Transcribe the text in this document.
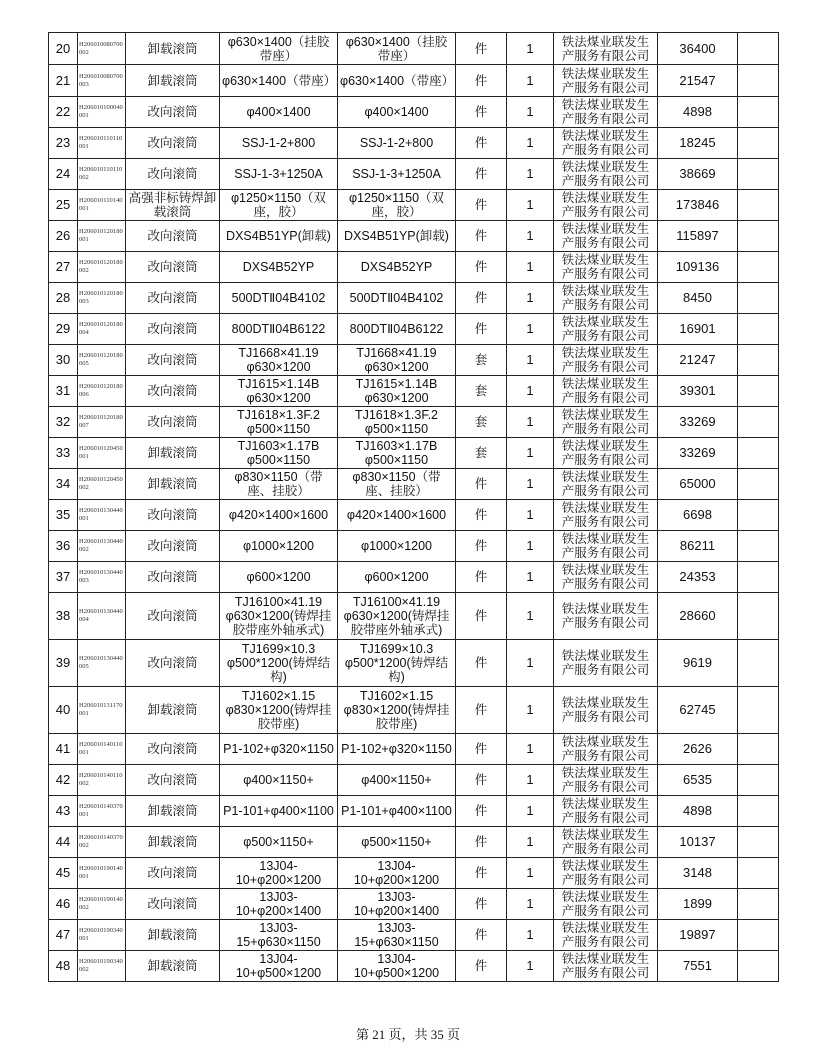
20	H206010080700002	卸载滚筒	φ630×1400（挂胶带座）	φ630×1400（挂胶带座）	件	1	铁法煤业联发生产服务有限公司	36400	
21	H206010080700003	卸载滚筒	φ630×1400（带座）	φ630×1400（带座）	件	1	铁法煤业联发生产服务有限公司	21547	
22	H206010100040001	改向滚筒	φ400×1400	φ400×1400	件	1	铁法煤业联发生产服务有限公司	4898	
23	H206010110110001	改向滚筒	SSJ-1-2+800	SSJ-1-2+800	件	1	铁法煤业联发生产服务有限公司	18245	
24	H206010110110002	改向滚筒	SSJ-1-3+1250A	SSJ-1-3+1250A	件	1	铁法煤业联发生产服务有限公司	38669	
25	H206010110140001	高强非标铸焊卸载滚筒	φ1250×1150（双座，胶）	φ1250×1150（双座，胶）	件	1	铁法煤业联发生产服务有限公司	173846	
26	H206010120180001	改向滚筒	DXS4B51YP(卸载)	DXS4B51YP(卸载)	件	1	铁法煤业联发生产服务有限公司	115897	
27	H206010120180002	改向滚筒	DXS4B52YP	DXS4B52YP	件	1	铁法煤业联发生产服务有限公司	109136	
28	H206010120180003	改向滚筒	500DTⅡ04B4102	500DTⅡ04B4102	件	1	铁法煤业联发生产服务有限公司	8450	
29	H206010120180004	改向滚筒	800DTⅡ04B6122	800DTⅡ04B6122	件	1	铁法煤业联发生产服务有限公司	16901	
30	H206010120180005	改向滚筒	TJ1668×41.19 φ630×1200	TJ1668×41.19 φ630×1200	套	1	铁法煤业联发生产服务有限公司	21247	
31	H206010120180006	改向滚筒	TJ1615×1.14B φ630×1200	TJ1615×1.14B φ630×1200	套	1	铁法煤业联发生产服务有限公司	39301	
32	H206010120180007	改向滚筒	TJ1618×1.3F.2 φ500×1150	TJ1618×1.3F.2 φ500×1150	套	1	铁法煤业联发生产服务有限公司	33269	
33	H206010120450001	卸载滚筒	TJ1603×1.17B φ500×1150	TJ1603×1.17B φ500×1150	套	1	铁法煤业联发生产服务有限公司	33269	
34	H206010120450002	卸载滚筒	φ830×1150（带座、挂胶）	φ830×1150（带座、挂胶）	件	1	铁法煤业联发生产服务有限公司	65000	
35	H206010130440001	改向滚筒	φ420×1400×1600	φ420×1400×1600	件	1	铁法煤业联发生产服务有限公司	6698	
36	H206010130440002	改向滚筒	φ1000×1200	φ1000×1200	件	1	铁法煤业联发生产服务有限公司	86211	
37	H206010130440003	改向滚筒	φ600×1200	φ600×1200	件	1	铁法煤业联发生产服务有限公司	24353	
38	H206010130440004	改向滚筒	TJ16100×41.19 φ630×1200(铸焊挂胶带座外轴承式)	TJ16100×41.19 φ630×1200(铸焊挂胶带座外轴承式)	件	1	铁法煤业联发生产服务有限公司	28660	
39	H206010130440005	改向滚筒	TJ1699×10.3 φ500*1200(铸焊结构)	TJ1699×10.3 φ500*1200(铸焊结构)	件	1	铁法煤业联发生产服务有限公司	9619	
40	H206010131170001	卸载滚筒	TJ1602×1.15 φ830×1200(铸焊挂胶带座)	TJ1602×1.15 φ830×1200(铸焊挂胶带座)	件	1	铁法煤业联发生产服务有限公司	62745	
41	H206010140110001	改向滚筒	P1-102+φ320×1150	P1-102+φ320×1150	件	1	铁法煤业联发生产服务有限公司	2626	
42	H206010140110002	改向滚筒	φ400×1150+	φ400×1150+	件	1	铁法煤业联发生产服务有限公司	6535	
43	H206010140370001	卸载滚筒	P1-101+φ400×1100	P1-101+φ400×1100	件	1	铁法煤业联发生产服务有限公司	4898	
44	H206010140370002	卸载滚筒	φ500×1150+	φ500×1150+	件	1	铁法煤业联发生产服务有限公司	10137	
45	H206010190140001	改向滚筒	13J04-10+φ200×1200	13J04-10+φ200×1200	件	1	铁法煤业联发生产服务有限公司	3148	
46	H206010190140002	改向滚筒	13J03-10+φ200×1400	13J03-10+φ200×1400	件	1	铁法煤业联发生产服务有限公司	1899	
47	H206010190340001	卸载滚筒	13J03-15+φ630×1150	13J03-15+φ630×1150	件	1	铁法煤业联发生产服务有限公司	19897	
48	H206010190340002	卸载滚筒	13J04-10+φ500×1200	13J04-10+φ500×1200	件	1	铁法煤业联发生产服务有限公司	7551	
第 21 页，共 35 页
